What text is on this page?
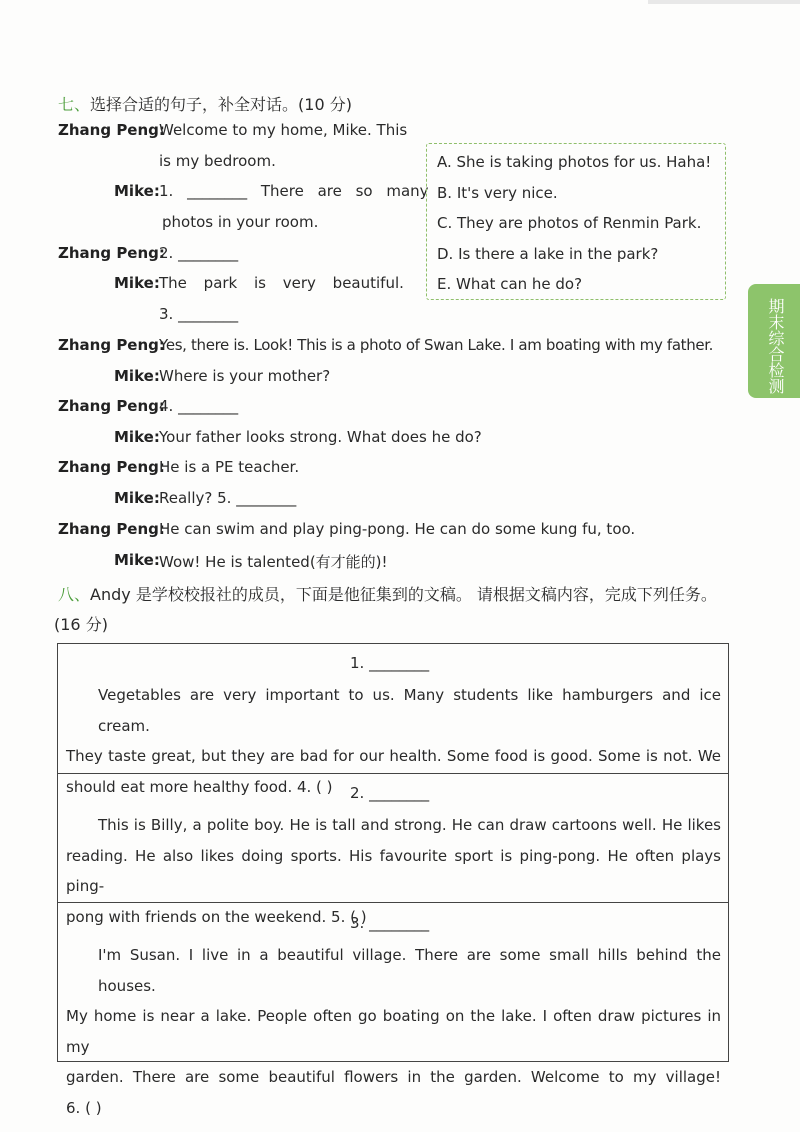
七、选择合适的句子，补全对话。(10 分)
Zhang Peng:
Welcome to my home, Mike. This
is my bedroom.
Mike: 1. ________ There are so many
photos in your room.
Zhang Peng:
2. ________
Mike: The park is very beautiful.
3. ________
Zhang Peng:
Yes, there is. Look! This is a photo of Swan Lake. I am boating with my father.
Mike: Where is your mother?
Zhang Peng:
4. ________
Mike: Your father looks strong. What does he do?
Zhang Peng:
He is a PE teacher.
Mike: Really? 5. ________
Zhang Peng:
He can swim and play ping-pong. He can do some kung fu, too.
Mike: Wow! He is talented(有才能的)!
A. She is taking photos for us. Haha!
B. It's very nice.
C. They are photos of Renmin Park.
D. Is there a lake in the park?
E. What can he do?
期末综合检测
八、Andy 是学校校报社的成员，下面是他征集到的文稿。 请根据文稿内容，完成下列任务。
(16 分)
1. ________
Vegetables are very important to us. Many students like hamburgers and ice cream.
They taste great, but they are bad for our health. Some food is good. Some is not. We
should eat more healthy food. 4. ( )	2. ________
This is Billy, a polite boy. He is tall and strong. He can draw cartoons well. He likes
reading. He also likes doing sports. His favourite sport is ping-pong. He often plays ping-
pong with friends on the weekend. 5. ( )
3. ________
I'm Susan. I live in a beautiful village. There are some small hills behind the houses.
My home is near a lake. People often go boating on the lake. I often draw pictures in my
garden. There are some beautiful flowers in the garden. Welcome to my village!
6. ( )
